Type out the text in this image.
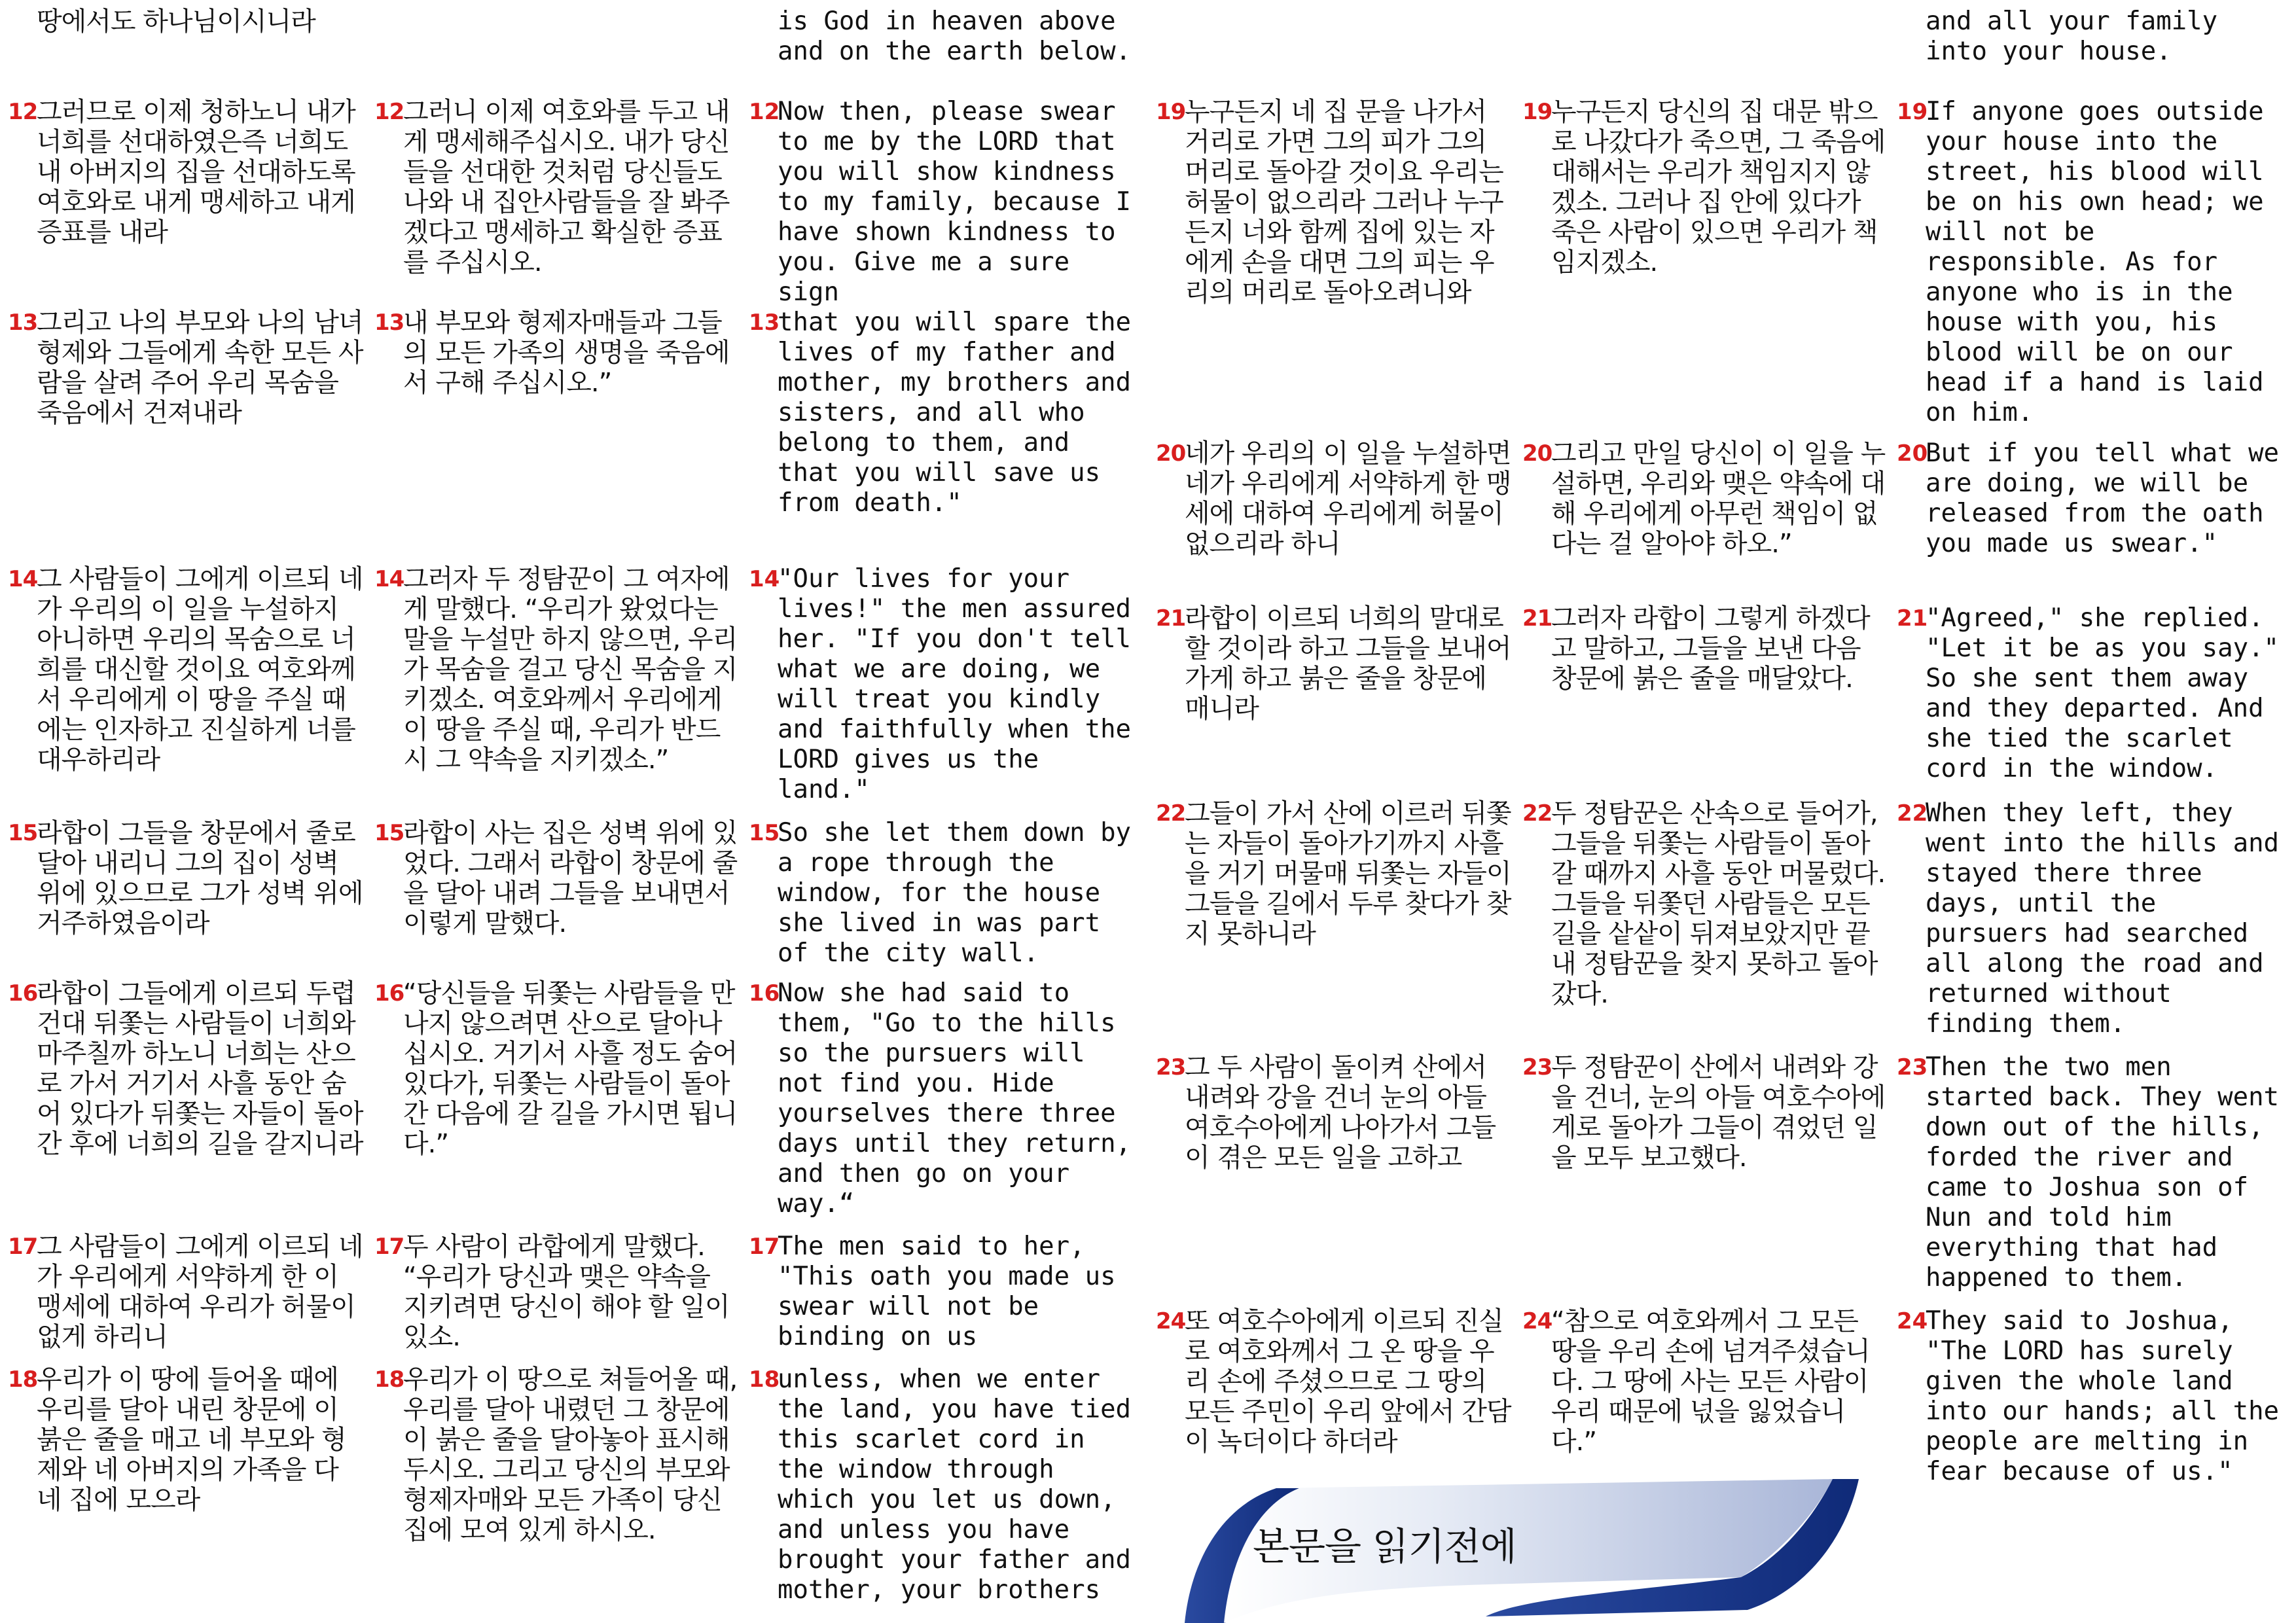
땅에서도 하나님이시니라

12
그러므로 이제 청하노니 내가 너희를 선대하였은즉 너희도 내 아버지의 집을 선대하도록 여호와로 내게 맹세하고 내게 증표를 내라

13
그리고 나의 부모와 나의 남녀 형제와 그들에게 속한 모든 사람을 살려 주어 우리 목숨을 죽음에서 건져내라

14
그 사람들이 그에게 이르되 네가 우리의 이 일을 누설하지 아니하면 우리의 목숨으로 너희를 대신할 것이요 여호와께서 우리에게 이 땅을 주실 때에는 인자하고 진실하게 너를 대우하리라

15
라합이 그들을 창문에서 줄로 달아 내리니 그의 집이 성벽 위에 있으므로 그가 성벽 위에 거주하였음이라

16
라합이 그들에게 이르되 두렵건대 뒤쫓는 사람들이 너희와 마주칠까 하노니 너희는 산으로 가서 거기서 사흘 동안 숨어 있다가 뒤쫓는 자들이 돌아간 후에 너희의 길을 갈지니라

17
그 사람들이 그에게 이르되 네가 우리에게 서약하게 한 이 맹세에 대하여 우리가 허물이 없게 하리니

18
우리가 이 땅에 들어올 때에 우리를 달아 내린 창문에 이 붉은 줄을 매고 네 부모와 형제와 네 아버지의 가족을 다 네 집에 모으라

12
그러니 이제 여호와를 두고 내게 맹세해주십시오. 내가 당신들을 선대한 것처럼 당신들도 나와 내 집안사람들을 잘 봐주겠다고 맹세하고 확실한 증표를 주십시오.

13
내 부모와 형제자매들과 그들의 모든 가족의 생명을 죽음에서 구해 주십시오.”

14
그러자 두 정탐꾼이 그 여자에게 말했다. “우리가 왔었다는 말을 누설만 하지 않으면, 우리가 목숨을 걸고 당신 목숨을 지키겠소. 여호와께서 우리에게 이 땅을 주실 때, 우리가 반드시 그 약속을 지키겠소.”

15
라합이 사는 집은 성벽 위에 있었다. 그래서 라합이 창문에 줄을 달아 내려 그들을 보내면서 이렇게 말했다.

16
“당신들을 뒤쫓는 사람들을 만나지 않으려면 산으로 달아나십시오. 거기서 사흘 정도 숨어 있다가, 뒤쫓는 사람들이 돌아간 다음에 갈 길을 가시면 됩니다.”

17
두 사람이 라합에게 말했다. “우리가 당신과 맺은 약속을 지키려면 당신이 해야 할 일이 있소.

18
우리가 이 땅으로 쳐들어올 때, 우리를 달아 내렸던 그 창문에 이 붉은 줄을 달아놓아 표시해두시오. 그리고 당신의 부모와 형제자매와 모든 가족이 당신 집에 모여 있게 하시오.

is God in heaven above and on the earth below.

12
Now then, please swear to me by the LORD that you will show kindness to my family, because I have shown kindness to you. Give me a sure sign

13
that you will spare the lives of my father and mother, my brothers and sisters, and all who belong to them, and that you will save us from death."

14
"Our lives for your lives!" the men assured her. "If you don't tell what we are doing, we will treat you kindly and faithfully when the LORD gives us the land."

15
So she let them down by a rope through the window, for the house she lived in was part of the city wall.

16
Now she had said to them, "Go to the hills so the pursuers will not find you. Hide yourselves there three days until they return, and then go on your way.“

17
The men said to her, "This oath you made us swear will not be binding on us

18
unless, when we enter the land, you have tied this scarlet cord in the window through which you let us down, and unless you have brought your father and mother, your brothers

19
누구든지 네 집 문을 나가서 거리로 가면 그의 피가 그의 머리로 돌아갈 것이요 우리는 허물이 없으리라 그러나 누구든지 너와 함께 집에 있는 자에게 손을 대면 그의 피는 우리의 머리로 돌아오려니와

20
네가 우리의 이 일을 누설하면 네가 우리에게 서약하게 한 맹세에 대하여 우리에게 허물이 없으리라 하니

21
라합이 이르되 너희의 말대로 할 것이라 하고 그들을 보내어 가게 하고 붉은 줄을 창문에 매니라

22
그들이 가서 산에 이르러 뒤쫓는 자들이 돌아가기까지 사흘을 거기 머물매 뒤쫓는 자들이 그들을 길에서 두루 찾다가 찾지 못하니라

23
그 두 사람이 돌이켜 산에서 내려와 강을 건너 눈의 아들 여호수아에게 나아가서 그들이 겪은 모든 일을 고하고

24
또 여호수아에게 이르되 진실로 여호와께서 그 온 땅을 우리 손에 주셨으므로 그 땅의 모든 주민이 우리 앞에서 간담이 녹더이다 하더라

19
누구든지 당신의 집 대문 밖으로 나갔다가 죽으면, 그 죽음에 대해서는 우리가 책임지지 않겠소. 그러나 집 안에 있다가 죽은 사람이 있으면 우리가 책임지겠소.

20
그리고 만일 당신이 이 일을 누설하면, 우리와 맺은 약속에 대해 우리에게 아무런 책임이 없다는 걸 알아야 하오.”

21
그러자 라합이 그렇게 하겠다고 말하고, 그들을 보낸 다음 창문에 붉은 줄을 매달았다.

22
두 정탐꾼은 산속으로 들어가, 그들을 뒤쫓는 사람들이 돌아갈 때까지 사흘 동안 머물렀다. 그들을 뒤쫓던 사람들은 모든 길을 샅샅이 뒤져보았지만 끝내 정탐꾼을 찾지 못하고 돌아갔다.

23
두 정탐꾼이 산에서 내려와 강을 건너, 눈의 아들 여호수아에게로 돌아가 그들이 겪었던 일을 모두 보고했다.

24
“참으로 여호와께서 그 모든 땅을 우리 손에 넘겨주셨습니다. 그 땅에 사는 모든 사람이 우리 때문에 넋을 잃었습니다.”

and all your family into your house.

19
If anyone goes outside your house into the street, his blood will be on his own head; we will not be responsible. As for anyone who is in the house with you, his blood will be on our head if a hand is laid on him.

20
But if you tell what we are doing, we will be released from the oath you made us swear."

21
"Agreed," she replied. "Let it be as you say." So she sent them away and they departed. And she tied the scarlet cord in the window.

22
When they left, they went into the hills and stayed there three days, until the pursuers had searched all along the road and returned without finding them.

23
Then the two men started back. They went down out of the hills, forded the river and came to Joshua son of Nun and told him everything that had happened to them.

24
They said to Joshua, "The LORD has surely given the whole land into our hands; all the people are melting in fear because of us."

본문을 읽기전에
